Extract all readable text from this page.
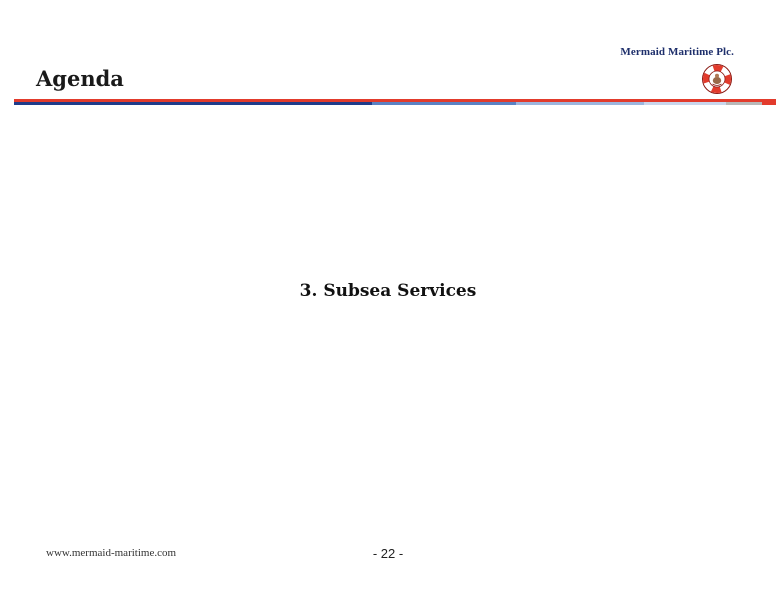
Mermaid Maritime Plc.
Agenda
3. Subsea Services
www.mermaid-maritime.com	- 22 -
